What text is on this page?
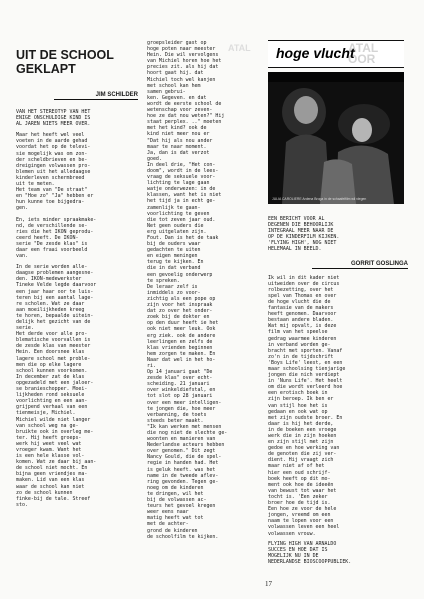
UIT DE SCHOOL
GEKLAPT
JIM SCHILDER

VAN HET STEREOTYP VAN HET
ENIGE ONSCHULDIGE KIND IS
AL JAREN NIETS MEER OVER.

Maar het heeft wel veel
voeten in de aarde gehad
voordat het op de televi-
sie mogelijk was om zon-
der scheldbrieven en be-
dreigingen volwassen pro-
blemen uit het alledaagse
kinderleven schermbreed
uit te meten.
Het team van "De straat"
en "Hoe zo" "Ja" hebben er
hun kunne toe bijgedra-
gen.

En, iets minder spraakmake-
nd, de verschillende se-
ries die het IKON geprodu-
ceerd heeft. De IKON-
serie "De zesde klas" is
daar een fraai voorbeeld
van.

In de serie worden alle-
daagse problemen aangesne-
den. IKON-medewerkster
Tineke Velde legde daarvoor
een jaar haar oor te luis-
teren bij een aantal lage-
re scholen. Wat ze daar
aan moeilijkheden kreeg
te horen, bepaalde uitein-
delijk het gezicht van de
serie.
Het derde voor alle pro-
blematische voorvallen is
de zesde klas van meester
Hein. Een doorsnee klas
lagere school met proble-
men die op elke lagere
school kunnen voorkomen.
In december zat de klas
opgezadeld met een jaloer-
se branieschopper. Moei-
lijkheden rond seksuele
voorlichting en een aan-
grijpend verhaal van een
tienmeisje, Michiel.
Michiel wilde niet langer
van school weg na ge-
bruikte ook in overleg me-
ter. Hij heeft groeps-
werk hij weet veel wat
vroeger kwam. Want het
is een hele klasse vol-
komen. Wat ze daar bij aan-
de school niet mocht. En
bijna geen vriendjes ma-
maken. Lid van een klas
waar de school kan niet
zo de school kunnen
finke-bij de tale. Streef
sto.

ATAL

groepsleider gast op
hoge poten naar meester
Hein. Die wil vervolgens
van Michiel horen hoe het
precies zit. als hij dat
hoort gaat hij. dat
Michiel toch wel kanjen
met school kan hem
samen gebrui-
ken. Gegeven. en dat
wordt de eerste school de
wetenschap voor zeven-
hoe ze dat nou weten?" Hij
staat perplex. .." moeten
met het kind? ook de
kind niet meer nou er
"Dat hij als nou ander
maar te naar moment.
Ja, dan is dat verzot
goed.
In deel drie, "Het con-
doom", wordt in de lees-
vraag de seksuele voor-
lichting te lage gaan
watje onderwezen: in de
klassen, want het is niet
het tijd ja in echt ge-
zamenlijk te gaan-
voorlichting te geven
die tot zeven jaar oud.
Net geen ouders die
erg uitgelaten zijn.
Fout. Dan is het de taak
bij de ouders waar
gedachten te uiten
en eigen meningen
terug te kijken. En
die in dat verband
een gevoelig onderwerp
te spreken.
De leraar zelf is
inmiddels zo voor-
zichtig als een pope op
zijn voor het inspraak
dat zo over het onder-
zoek bij de dokter en
op den duur heeft ie het
ook niet meer leuk. Ook
erg ziek. ook de andere
leerlingen en zelfs de
klas vrienden beginnen
hem zorgen te maken. En
Naar dat wel in het ho-
ri.
Op 14 januari gaat "De
zesde klas" over echt-
scheiding. 21 januari
over winkeldiefstal, en
tot slot op 28 januari
over een meer intelligen-
te jongen die, hoe meer
verbanning, de toets
steeds beter maakt.
"Ik kan werken met mensen
die nog niet de slechte ge-
woonten en manieren van
Nederlandse acteurs hebben
over genomen." Dit zegt
Nancy Gould, die de spel-
regie in handen had. Het
is geluk heeft. was het
name in de tweede aflev-
ring gevonden. Tegen ge-
noeg om de kinderen
te dringen, wil het
bij de volwassen ac-
teurs het gevoel kregen
weer eens naar
matig heeft wat tot
met de achter-
grond de kinderen
de schoolfilm te kijken.

ATAL OOR
hoge vlucht
JULIA CAROLIERE Ardena Broga in de schaafelfilm wil vlegen

EEN BERICHT VOOR AL
DEGENEN DIE BEHOORLIJK
INTEGRAAL MEER NAAR DE
OP DE KINDERFILM KIJKEN.
'FLYING HIGH', NOG NIET
HELEMAAL IN BEELD.

GORRIT GOSLINGA

Ik wil in dit kader niet
uitweiden over de circus
rolbezetting, over het
spel van Thomas en over
de hoge vlucht die de
fantasie van de makers
heeft genomen. Daarvoor
bestaan andere bladen.
Wat mij opvalt, is deze
film van het speelse
gedrag waarmee kinderen
in verband worden ge-
bracht met sporten. Vanaf
zo'n in de tijdschrift
'Boys Life' leest, en een
maar schoolsing tienjarige
jongen die nich verdiept
in 'Nuns Life'. Het heelt
om die wordt verleerd hoe
een erotisch boek in
zijn beroep. Ik ben er
van stijl hoe het is
gedaan en ook wat op
met zijn oudste broer. En
daar is hij het derde,
in de boeken een vroege
werk die in zijn hoeken
en zijn stijl met zijn
gedoe en hoe werking van
de genoten die zij ver-
dient. Hij vraagt zich
maar niet af of het
hier een oud schrijf-
boek heeft op dit mo-
ment ook hoe de ideeën
van bewust tot waar het
tocht is. 'Een zeker
broer hoe de tijd is.
Een hoe ze voor de hele
jongen, vreemd om een
naam te lopen voor een
volwassen leven een heel
volwassen vrouw.

FLYING HIGH VAN ARNALDO
SUCCES EN HOE DAT IS
MOGELIJK NU IN DE
NEDERLANDSE BIOSCOOPPUBLIEK.

17
